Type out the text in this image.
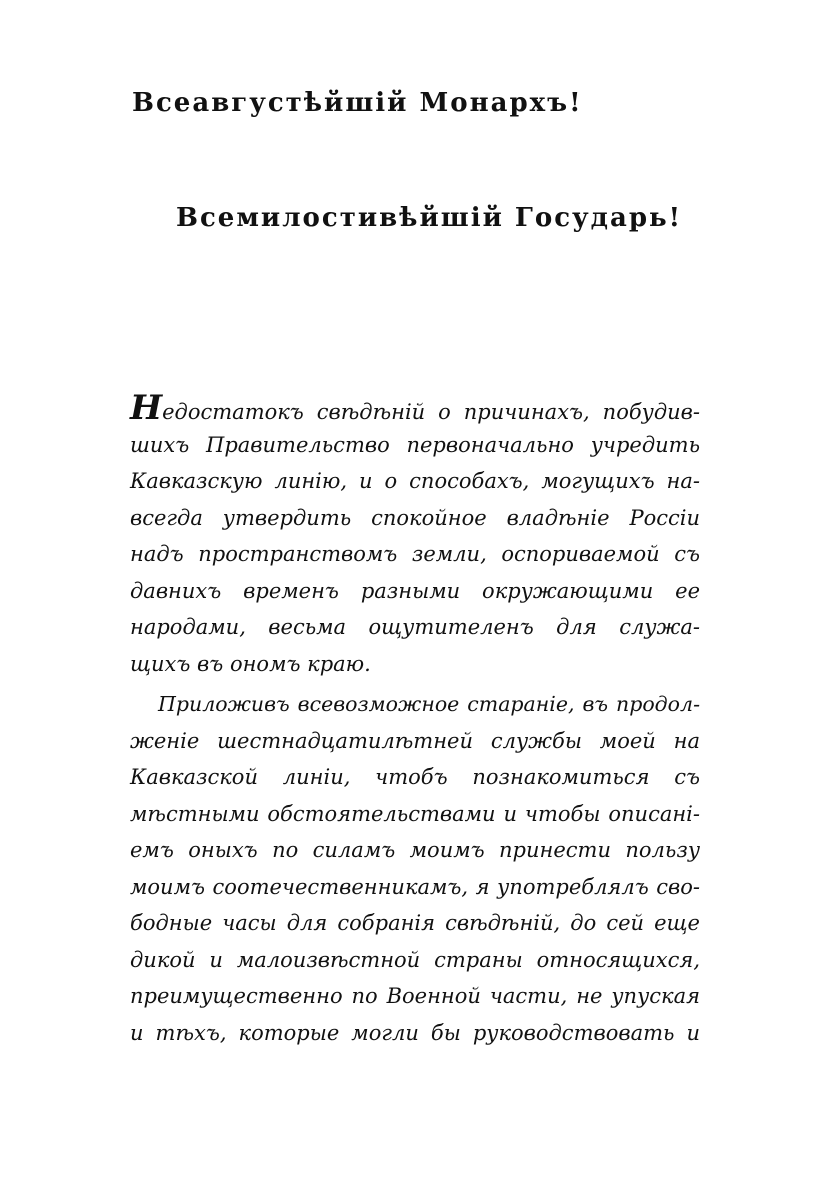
Всеавгустѣйшій Монархъ!
Всемилостивѣйшій Государь!
Недостатокъ свѣдѣній о причинахъ, побудив-
шихъ Правительство первоначально учредить
Кавказскую линію, и о способахъ, могущихъ на-
всегда утвердить спокойное владѣніе Россіи
надъ пространствомъ земли, оспориваемой съ
давнихъ временъ разными окружающими ее
народами, весьма ощутителенъ для служа-
щихъ въ ономъ краю.
Приложивъ всевозможное стараніе, въ продол-
женіе шестнадцатилѣтней службы моей на
Кавказской линіи, чтобъ познакомиться съ
мѣстными обстоятельствами и чтобы описані-
емъ оныхъ по силамъ моимъ принести пользу
моимъ соотечественникамъ, я употреблялъ сво-
бодные часы для собранія свѣдѣній, до сей еще
дикой и малоизвѣстной страны относящихся,
преимущественно по Военной части, не упуская
и тѣхъ, которые могли бы руководствовать и
